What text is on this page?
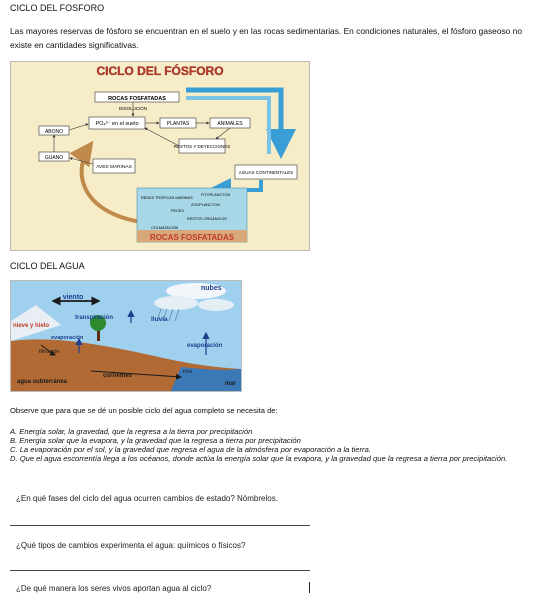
CICLO DEL FOSFORO
Las mayores reservas de fósforo se encuentran en el suelo y en las rocas sedimentarias. En condiciones naturales, el fósforo gaseoso no existe en cantidades significativas.
CICLO DEL FÓSFORO
ROCAS FOSFATADAS
DISOLUCIÓN
PO₄³⁻ en el suelo	PLANTAS	ANIMALES
ABONO
RESTOS Y DEYECCIONES
GUANO
AVES MARINAS
AGUAS CONTINENTALES
FITOPLANCTON
REDES TRÓFICAS MARINAS
ZOOPLANCTON
PECES
RESTOS ORGÁNICOS
COLMATACIÓN
ROCAS FOSFATADAS
CICLO DEL AGUA
nubes
viento
transpiración	lluvia
nieve y hielo
evaporación
filtración
evaporación
corrientes
ríos
agua subterránea	mar
Observe que para que se dé un posible ciclo del agua completo se necesita de:
A. Energía solar, la gravedad, que la regresa a la tierra por precipitación
B. Energía solar que la evapora, y la gravedad que la regresa a tierra por precipitación
C. La evaporación por el sol, y la gravedad que regresa el agua de la atmósfera por evaporación a la tierra.
D. Que el agua escorrentía llega a los océanos, donde actúa la energía solar que la evapora, y la gravedad que la regresa a tierra por precipitación.
¿En qué fases del ciclo del agua ocurren cambios de estado? Nómbrelos.
¿Qué tipos de cambios experimenta el agua: químicos o físicos?
¿De qué manera los seres vivos aportan agua al ciclo?
